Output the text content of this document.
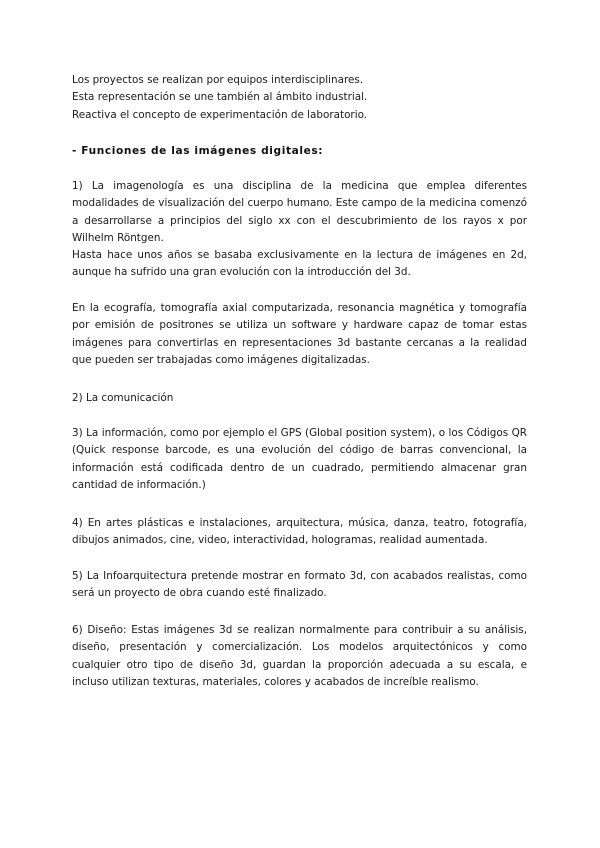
Los proyectos se realizan por equipos interdisciplinares.
Esta representación se une también al ámbito industrial.
Reactiva el concepto de experimentación de laboratorio.

- Funciones de las imágenes digitales:

1) La imagenología es una disciplina de la medicina que emplea diferentes modalidades de visualización del cuerpo humano. Este campo de la medicina comenzó a desarrollarse a principios del siglo xx con el descubrimiento de los rayos x por Wilhelm Röntgen.

Hasta hace unos años se basaba exclusivamente en la lectura de imágenes en 2d, aunque ha sufrido una gran evolución con la introducción del 3d.

En la ecografía, tomografía axial computarizada, resonancia magnética y tomografía por emisión de positrones se utiliza un software y hardware capaz de tomar estas imágenes para convertirlas en representaciones 3d bastante cercanas a la realidad que pueden ser trabajadas como imágenes digitalizadas.

2) La comunicación

3) La información, como por ejemplo el GPS (Global position system), o los Códigos QR (Quick response barcode, es una evolución del código de barras convencional, la información está codificada dentro de un cuadrado, permitiendo almacenar gran cantidad de información.)

4) En artes plásticas e instalaciones, arquitectura, música, danza, teatro, fotografía, dibujos animados, cine, video, interactividad, hologramas, realidad aumentada.

5) La Infoarquitectura pretende mostrar en formato 3d, con acabados realistas, como será un proyecto de obra cuando esté finalizado.

6) Diseño: Estas imágenes 3d se realizan normalmente para contribuir a su análisis, diseño, presentación y comercialización. Los modelos arquitectónicos y como cualquier otro tipo de diseño 3d, guardan la proporción adecuada a su escala, e incluso utilizan texturas, materiales, colores y acabados de increíble realismo.
